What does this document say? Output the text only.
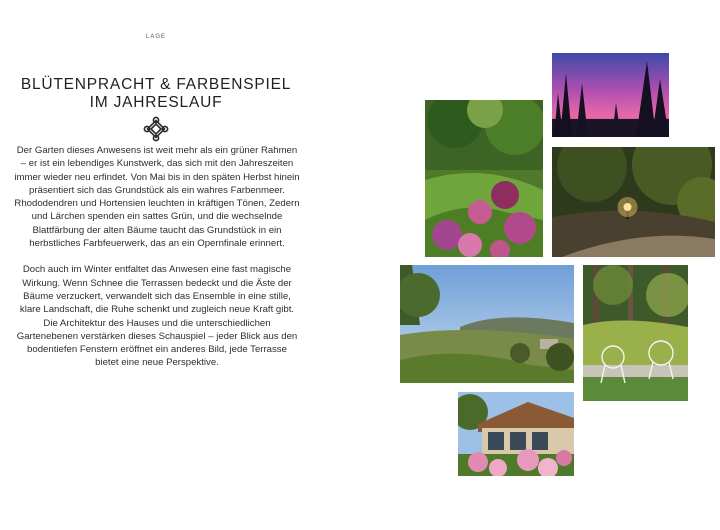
LAGE
BLÜTENPRACHT & FARBENSPIEL
IM JAHRESLAUF

Der Garten dieses Anwesens ist weit mehr als ein grüner Rahmen – er ist ein lebendiges Kunstwerk, das sich mit den Jahreszeiten immer wieder neu erfindet. Von Mai bis in den späten Herbst hinein präsentiert sich das Grundstück als ein wahres Farbenmeer. Rhododendren und Hortensien leuchten in kräftigen Tönen, Zedern und Lärchen spenden ein sattes Grün, und die wechselnde Blattfärbung der alten Bäume taucht das Grundstück in ein herbstliches Farbfeuerwerk, das an ein Opernfinale erinnert.

Doch auch im Winter entfaltet das Anwesen eine fast magische Wirkung. Wenn Schnee die Terrassen bedeckt und die Äste der Bäume verzuckert, verwandelt sich das Ensemble in eine stille, klare Landschaft, die Ruhe schenkt und zugleich neue Kraft gibt. Die Architektur des Hauses und die unterschiedlichen Gartenebenen verstärken dieses Schauspiel – jeder Blick aus den bodentiefen Fenstern eröffnet ein anderes Bild, jede Terrasse bietet eine neue Perspektive.
